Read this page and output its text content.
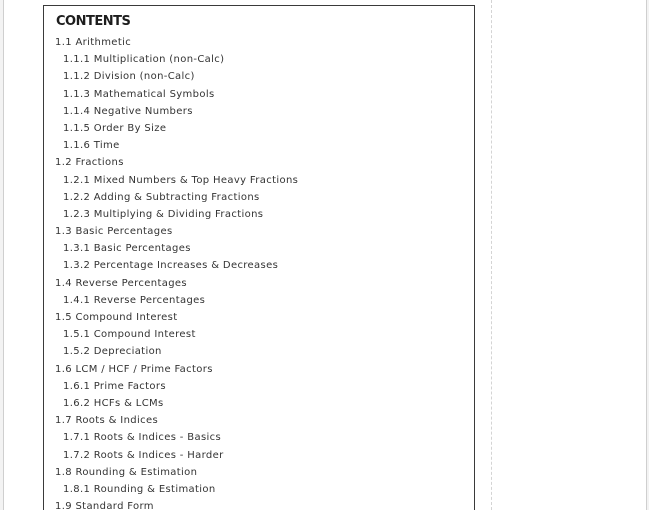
CONTENTS
1.1 Arithmetic
1.1.1 Multiplication (non-Calc)
1.1.2 Division (non-Calc)
1.1.3 Mathematical Symbols
1.1.4 Negative Numbers
1.1.5 Order By Size
1.1.6 Time
1.2 Fractions
1.2.1 Mixed Numbers & Top Heavy Fractions
1.2.2 Adding & Subtracting Fractions
1.2.3 Multiplying & Dividing Fractions
1.3 Basic Percentages
1.3.1 Basic Percentages
1.3.2 Percentage Increases & Decreases
1.4 Reverse Percentages
1.4.1 Reverse Percentages
1.5 Compound Interest
1.5.1 Compound Interest
1.5.2 Depreciation
1.6 LCM / HCF / Prime Factors
1.6.1 Prime Factors
1.6.2 HCFs & LCMs
1.7 Roots & Indices
1.7.1 Roots & Indices - Basics
1.7.2 Roots & Indices - Harder
1.8 Rounding & Estimation
1.8.1 Rounding & Estimation
1.9 Standard Form
